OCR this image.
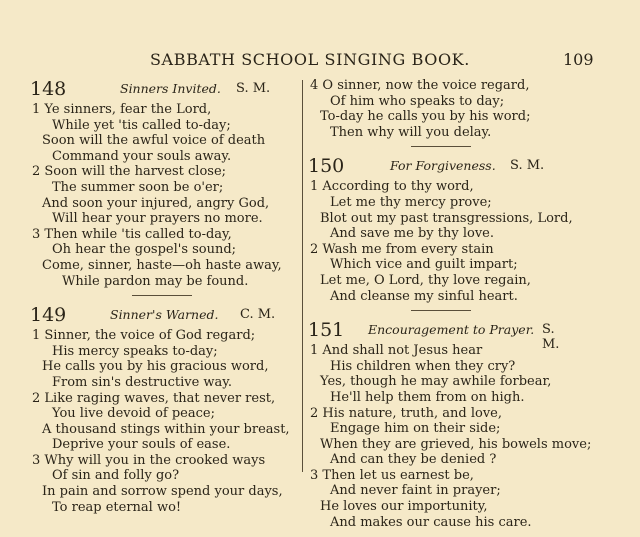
SABBATH SCHOOL SINGING BOOK.	109
148	Sinners Invited. S. M.
1 Ye sinners, fear the Lord,
While yet 'tis called to-day;
Soon will the awful voice of death
Command your souls away.
2 Soon will the harvest close;
The summer soon be o'er;
And soon your injured, angry God,
Will hear your prayers no more.
3 Then while 'tis called to-day,
Oh hear the gospel's sound;
Come, sinner, haste—oh haste away,
While pardon may be found.
149	Sinner's Warned. C. M.
1 Sinner, the voice of God regard;
His mercy speaks to-day;
He calls you by his gracious word,
From sin's destructive way.
2 Like raging waves, that never rest,
You live devoid of peace;
A thousand stings within your breast,
Deprive your souls of ease.
3 Why will you in the crooked ways
Of sin and folly go?
In pain and sorrow spend your days,
To reap eternal wo!
4 O sinner, now the voice regard,
Of him who speaks to day;
To-day he calls you by his word;
Then why will you delay.
150	For Forgiveness. S. M.
1 According to thy word,
Let me thy mercy prove;
Blot out my past transgressions, Lord,
And save me by thy love.
2 Wash me from every stain
Which vice and guilt impart;
Let me, O Lord, thy love regain,
And cleanse my sinful heart.
151 Encouragement to Prayer. S. M.
1 And shall not Jesus hear
His children when they cry?
Yes, though he may awhile forbear,
He'll help them from on high.
2 His nature, truth, and love,
Engage him on their side;
When they are grieved, his bowels move;
And can they be denied ?
3 Then let us earnest be,
And never faint in prayer;
He loves our importunity,
And makes our cause his care.
